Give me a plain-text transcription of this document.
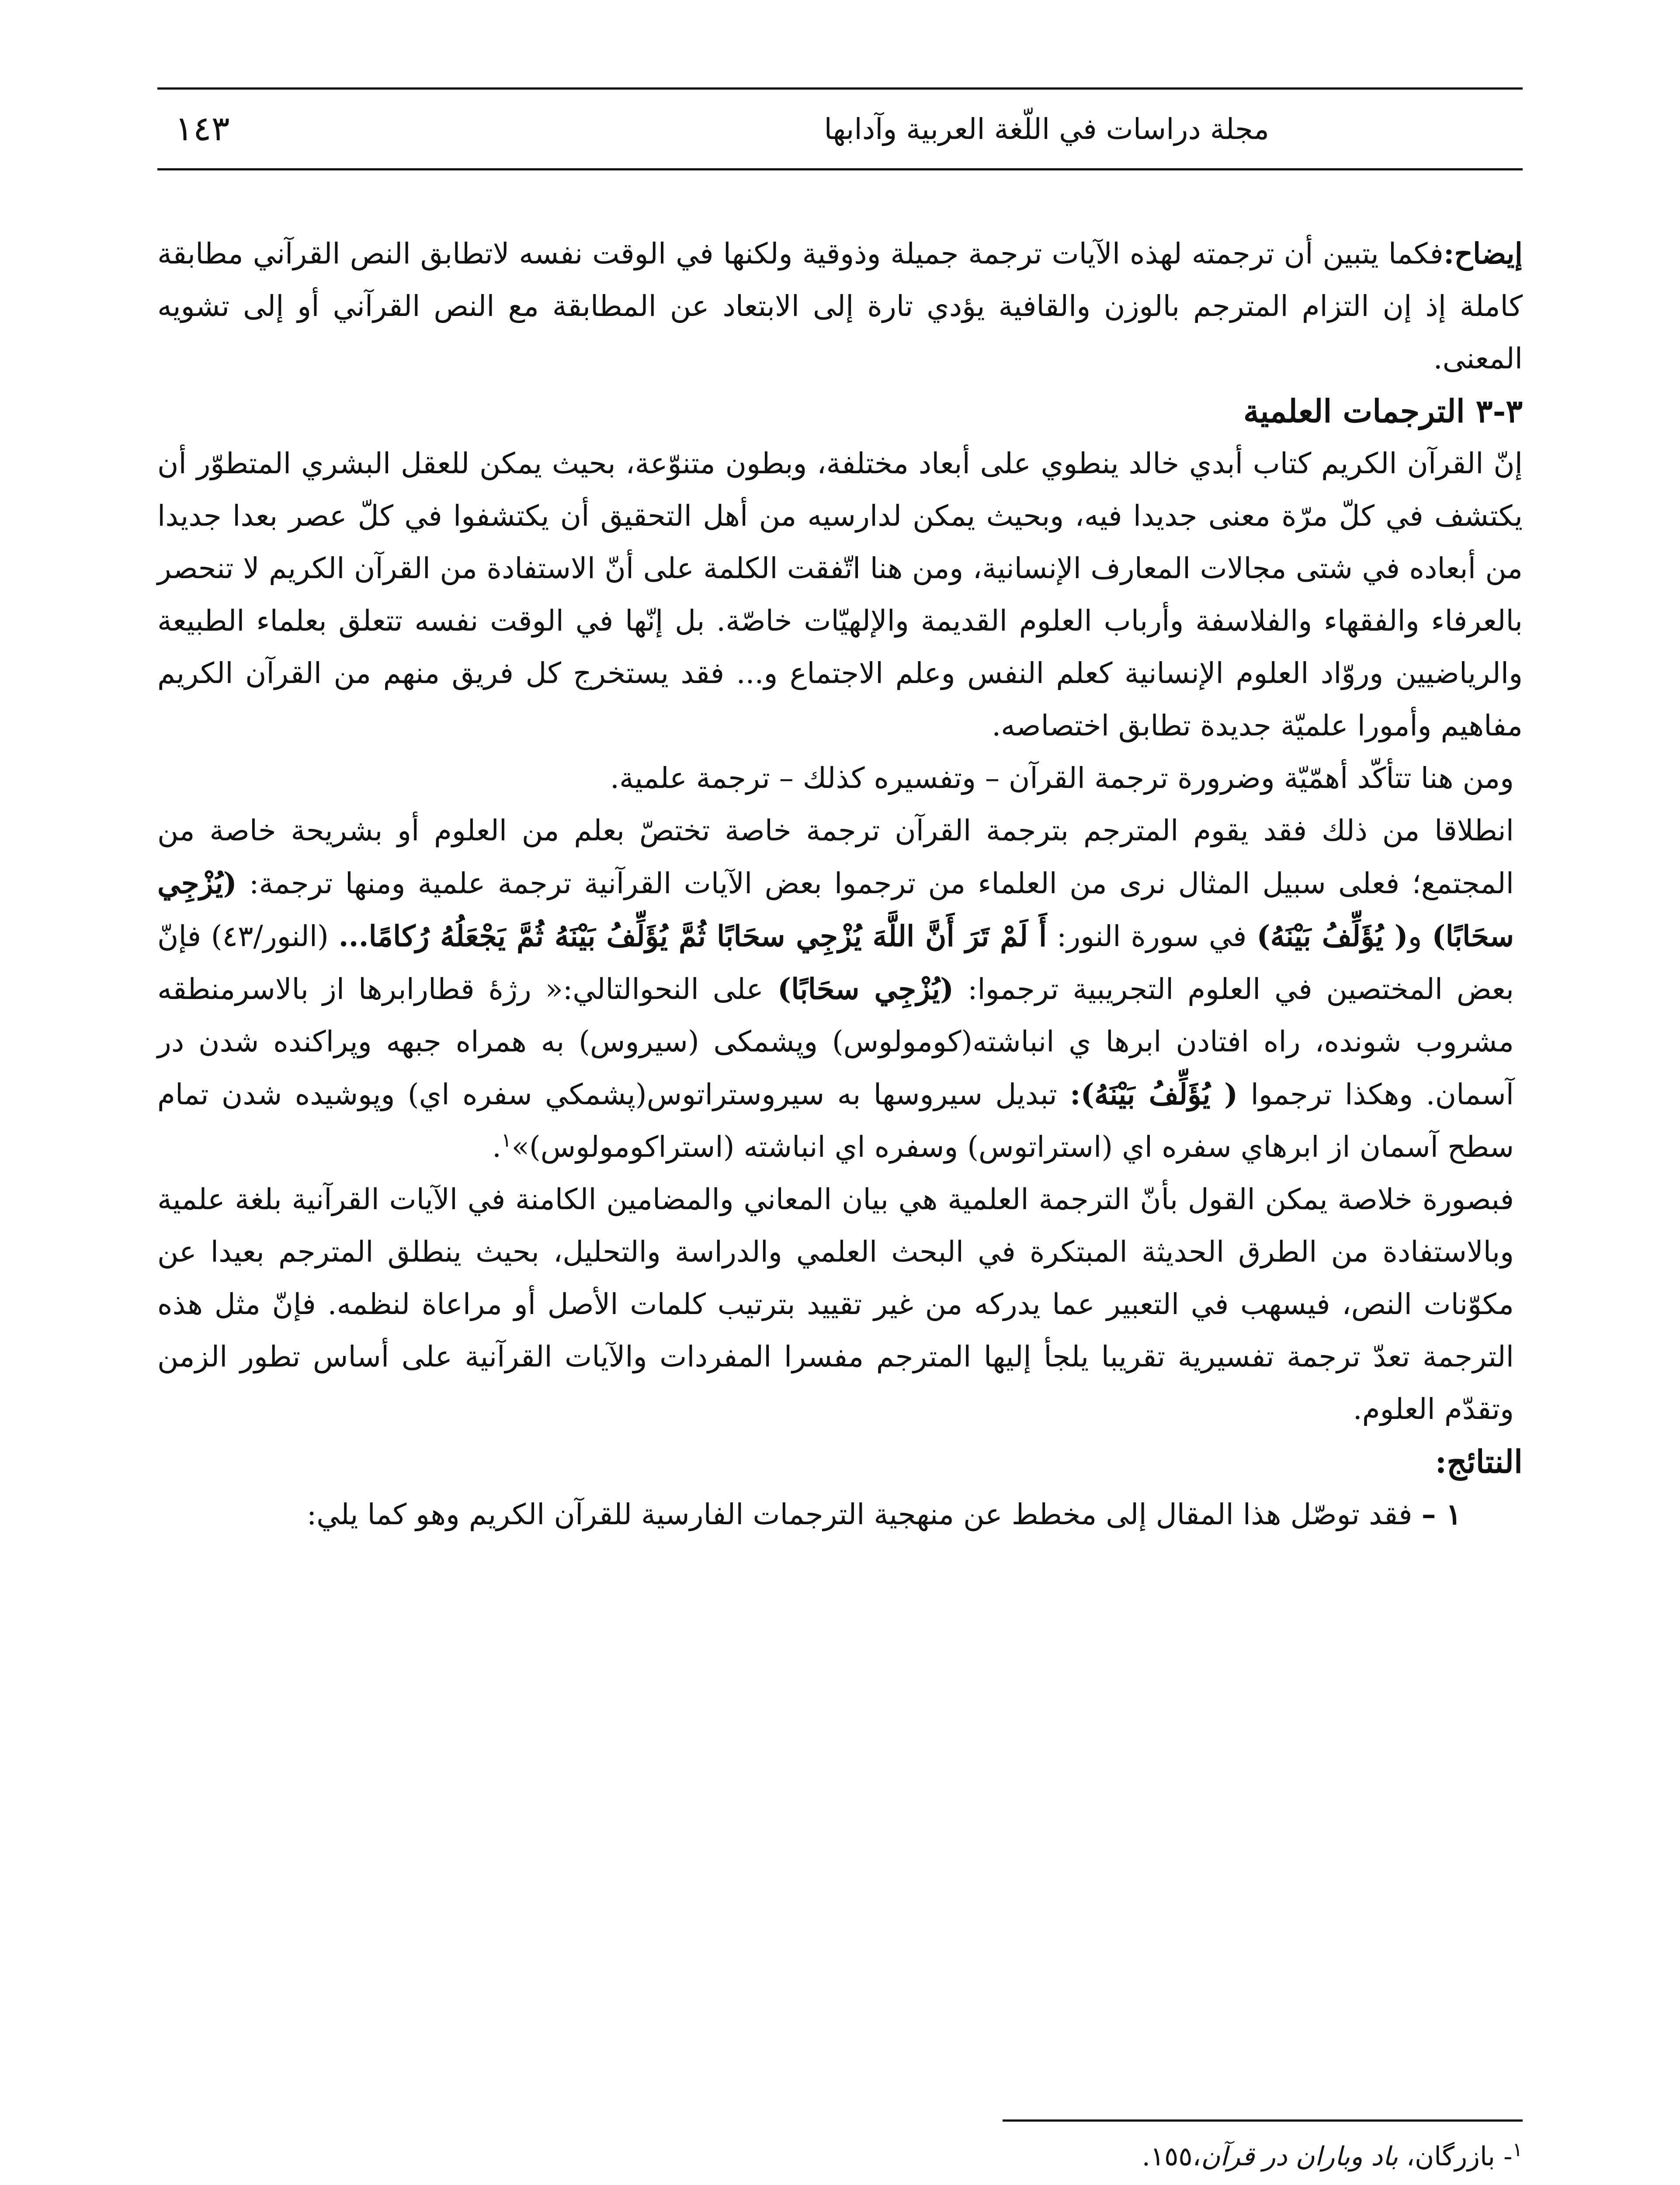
١٤٣	مجلة دراسات في اللّغة العربية وآدابها

إيضاح:فكما يتبين أن ترجمته لهذه الآيات ترجمة جميلة وذوقية ولكنها في الوقت نفسه لاتطابق النص القرآني مطابقة كاملة إذ إن التزام المترجم بالوزن والقافية يؤدي تارة إلى الابتعاد عن المطابقة مع النص القرآني أو إلى تشويه المعنى.

٣-٣ الترجمات العلمية

إنّ القرآن الكريم كتاب أبدي خالد ينطوي على أبعاد مختلفة، وبطون متنوّعة، بحيث يمكن للعقل البشري المتطوّر أن يكتشف في كلّ مرّة معنى جديدا فيه، وبحيث يمكن لدارسيه من أهل التحقيق أن يكتشفوا في كلّ عصر بعدا جديدا من أبعاده في شتى مجالات المعارف الإنسانية، ومن هنا اتّفقت الكلمة على أنّ الاستفادة من القرآن الكريم لا تنحصر بالعرفاء والفقهاء والفلاسفة وأرباب العلوم القديمة والإلهيّات خاصّة. بل إنّها في الوقت نفسه تتعلق بعلماء الطبيعة والرياضيين وروّاد العلوم الإنسانية كعلم النفس وعلم الاجتماع و... فقد يستخرج كل فريق منهم من القرآن الكريم مفاهيم وأمورا علميّة جديدة تطابق اختصاصه.

ومن هنا تتأكّد أهمّيّة وضرورة ترجمة القرآن – وتفسيره كذلك – ترجمة علمية.

انطلاقا من ذلك فقد يقوم المترجم بترجمة القرآن ترجمة خاصة تختصّ بعلم من العلوم أو بشريحة خاصة من المجتمع؛ فعلى سبيل المثال نرى من العلماء من ترجموا بعض الآيات القرآنية ترجمة علمية ومنها ترجمة: (يُزْجِي سحَابًا) و( يُؤَلِّفُ بَيْنَهُ) في سورة النور: أَ لَمْ تَرَ أَنَّ اللَّهَ يُزْجِي سحَابًا ثُمَّ يُؤَلِّفُ بَيْنَهُ ثُمَّ يَجْعَلُهُ رُكامًا... (النور/٤٣) فإنّ بعض المختصين في العلوم التجريبية ترجموا: (يُزْجِي سحَابًا) على النحوالتالي:« رژۀ قطارابرها از بالاسرمنطقه مشروب شونده، راه افتادن ابرها ي انباشته(كومولوس) وپشمكى (سيروس) به همراه جبهه وپراكنده شدن در آسمان. وهكذا ترجموا ( يُؤَلِّفُ بَيْنَهُ): تبديل سيروسها به سيروستراتوس(پشمكي سفره اي) وپوشيده شدن تمام سطح آسمان از ابرهاي سفره اي (استراتوس) وسفره اي انباشته (استراكومولوس)»$^١$.

فبصورة خلاصة يمكن القول بأنّ الترجمة العلمية هي بيان المعاني والمضامين الكامنة في الآيات القرآنية بلغة علمية وبالاستفادة من الطرق الحديثة المبتكرة في البحث العلمي والدراسة والتحليل، بحيث ينطلق المترجم بعيدا عن مكوّنات النص، فيسهب في التعبير عما يدركه من غير تقييد بترتيب كلمات الأصل أو مراعاة لنظمه. فإنّ مثل هذه الترجمة تعدّ ترجمة تفسيرية تقريبا يلجأ إليها المترجم مفسرا المفردات والآيات القرآنية على أساس تطور الزمن وتقدّم العلوم.

النتائج:

١ – فقد توصّل هذا المقال إلى مخطط عن منهجية الترجمات الفارسية للقرآن الكريم وهو كما يلي:

$^١$- بازرگان، باد وباران در قرآن،١٥٥.
